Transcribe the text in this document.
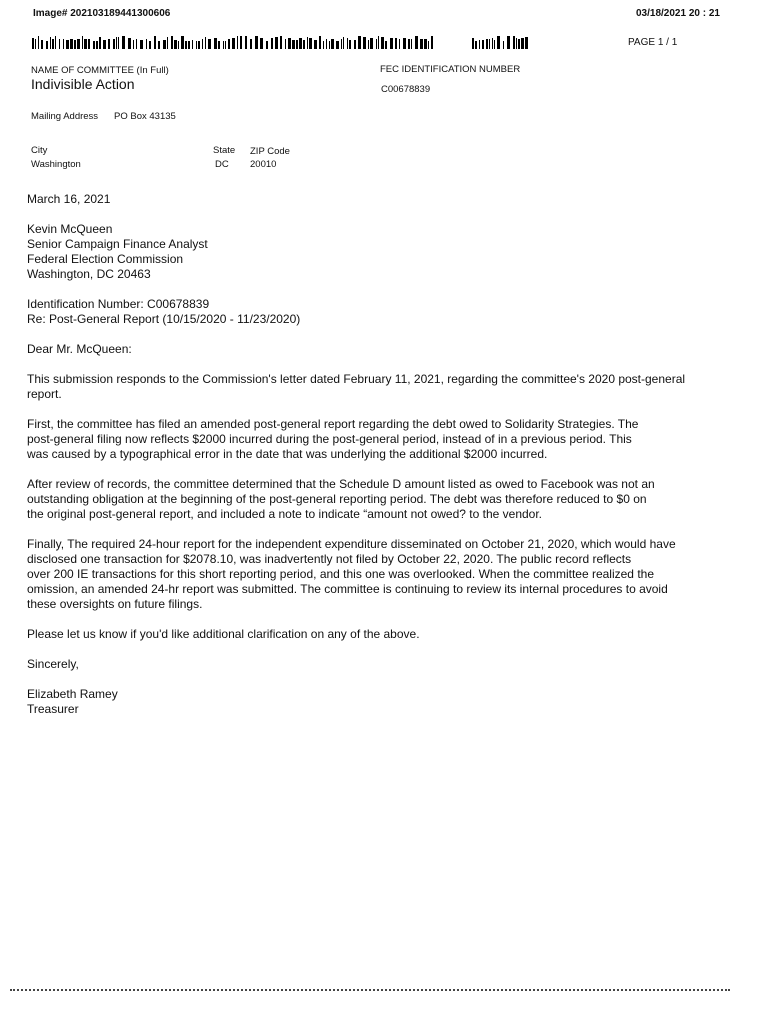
Image# 202103189441300606	03/18/2021 20 : 21
PAGE 1 / 1
NAME OF COMMITTEE (In Full)
Indivisible Action
FEC IDENTIFICATION NUMBER
C00678839
Mailing Address PO Box 43135
City
Washington
State
DC
ZIP Code
20010

March 16, 2021

Kevin McQueen
Senior Campaign Finance Analyst
Federal Election Commission
Washington, DC 20463

Identification Number: C00678839
Re: Post-General Report (10/15/2020 - 11/23/2020)

Dear Mr. McQueen:

This submission responds to the Commission's letter dated February 11, 2021, regarding the committee's 2020 post-general
report.

First, the committee has filed an amended post-general report regarding the debt owed to Solidarity Strategies. The
post-general filing now reflects $2000 incurred during the post-general period, instead of in a previous period. This
was caused by a typographical error in the date that was underlying the additional $2000 incurred.

After review of records, the committee determined that the Schedule D amount listed as owed to Facebook was not an
outstanding obligation at the beginning of the post-general reporting period. The debt was therefore reduced to $0 on
the original post-general report, and included a note to indicate “amount not owed? to the vendor.

Finally, The required 24-hour report for the independent expenditure disseminated on October 21, 2020, which would have
disclosed one transaction for $2078.10, was inadvertently not filed by October 22, 2020. The public record reflects
over 200 IE transactions for this short reporting period, and this one was overlooked. When the committee realized the
omission, an amended 24-hr report was submitted. The committee is continuing to review its internal procedures to avoid
these oversights on future filings.

Please let us know if you'd like additional clarification on any of the above.

Sincerely,

Elizabeth Ramey
Treasurer
